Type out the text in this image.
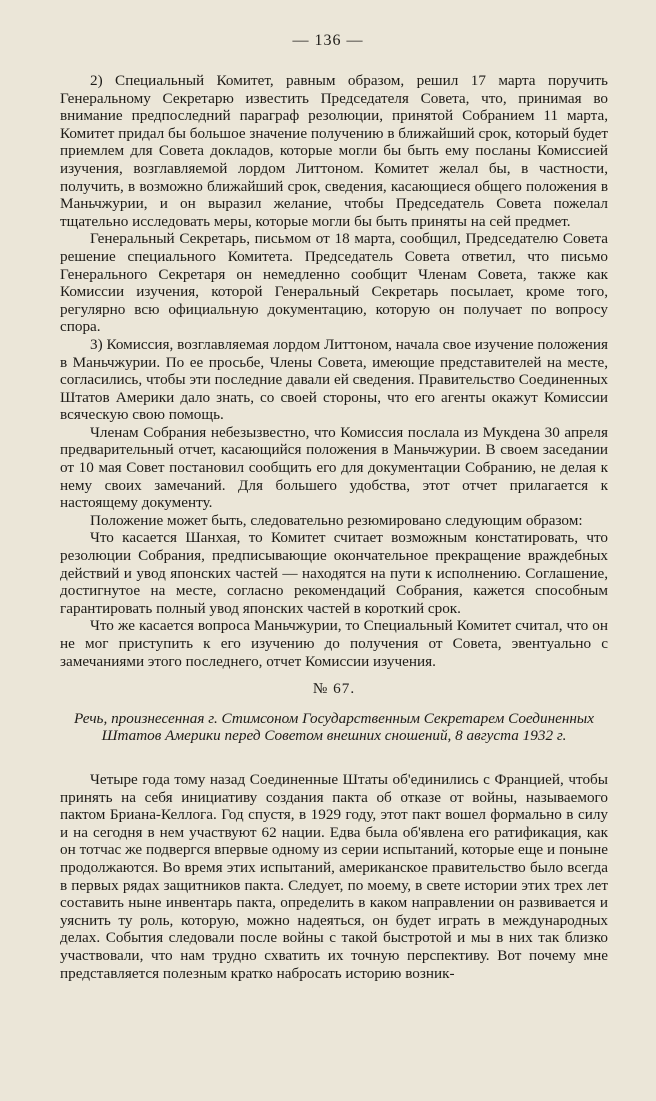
— 136 —

2) Специальный Комитет, равным образом, решил 17 марта поручить Генеральному Секретарю известить Председателя Совета, что, принимая во внимание предпоследний параграф резолюции, принятой Собранием 11 марта, Комитет придал бы большое значение получению в ближайший срок, который будет приемлем для Совета докладов, которые могли бы быть ему посланы Комиссией изучения, возглавляемой лордом Литтоном. Комитет желал бы, в частности, получить, в возможно ближайший срок, сведения, касающиеся общего положения в Маньчжурии, и он выразил желание, чтобы Председатель Совета пожелал тщательно исследовать меры, которые могли бы быть приняты на сей предмет.

Генеральный Секретарь, письмом от 18 марта, сообщил, Председателю Совета решение специального Комитета. Председатель Совета ответил, что письмо Генерального Секретаря он немедленно сообщит Членам Совета, также как Комиссии изучения, которой Генеральный Секретарь посылает, кроме того, регулярно всю официальную документацию, которую он получает по вопросу спора.

3) Комиссия, возглавляемая лордом Литтоном, начала свое изучение положения в Маньчжурии. По ее просьбе, Члены Совета, имеющие представителей на месте, согласились, чтобы эти последние давали ей сведения. Правительство Соединенных Штатов Америки дало знать, со своей стороны, что его агенты окажут Комиссии всяческую свою помощь.

Членам Собрания небезызвестно, что Комиссия послала из Мукдена 30 апреля предварительный отчет, касающийся положения в Маньчжурии. В своем заседании от 10 мая Совет постановил сообщить его для документации Собранию, не делая к нему своих замечаний. Для большего удобства, этот отчет прилагается к настоящему документу.

Положение может быть, следовательно резюмировано следующим образом:

Что касается Шанхая, то Комитет считает возможным констатировать, что резолюции Собрания, предписывающие окончательное прекращение враждебных действий и увод японских частей — находятся на пути к исполнению. Соглашение, достигнутое на месте, согласно рекомендаций Собрания, кажется способным гарантировать полный увод японских частей в короткий срок.

Что же касается вопроса Маньчжурии, то Специальный Комитет считал, что он не мог приступить к его изучению до получения от Совета, эвентуально с замечаниями этого последнего, отчет Комиссии изучения.

№ 67.

Речь, произнесенная г. Стимсоном Государственным Секретарем Соединенных Штатов Америки перед Советом внешних сношений, 8 августа 1932 г.

Четыре года тому назад Соединенные Штаты об'единились с Францией, чтобы принять на себя инициативу создания пакта об отказе от войны, называемого пактом Бриана-Келлога. Год спустя, в 1929 году, этот пакт вошел формально в силу и на сегодня в нем участвуют 62 нации. Едва была об'явлена его ратификация, как он тотчас же подвергся впервые одному из серии испытаний, которые еще и поныне продолжаются. Во время этих испытаний, американское правительство было всегда в первых рядах защитников пакта. Следует, по моему, в свете истории этих трех лет составить ныне инвентарь пакта, определить в каком направлении он развивается и уяснить ту роль, которую, можно надеяться, он будет играть в международных делах. События следовали после войны с такой быстротой и мы в них так близко участвовали, что нам трудно схватить их точную перспективу. Вот почему мне представляется полезным кратко набросать историю возник-
